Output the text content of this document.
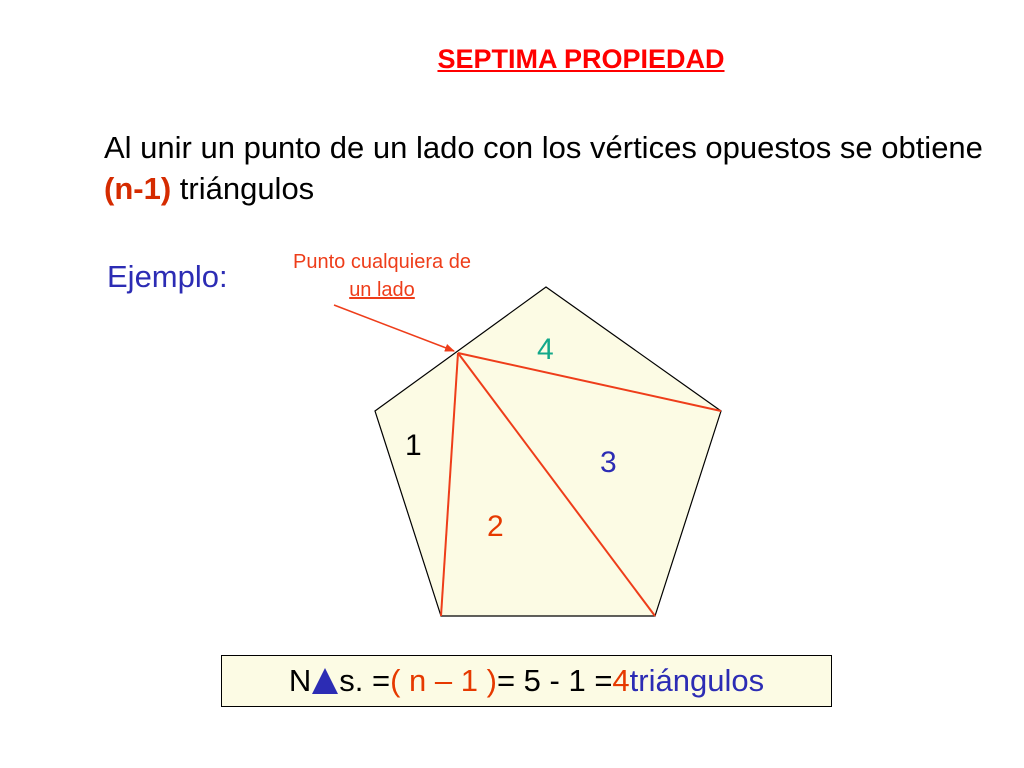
SEPTIMA PROPIEDAD
Al unir un punto de un lado con los vértices opuestos se obtiene (n-1) triángulos
Ejemplo:	Punto cualquiera de
un lado
1
2
3
4
N s. = ( n – 1 ) = 5 - 1 = 4 triángulos
